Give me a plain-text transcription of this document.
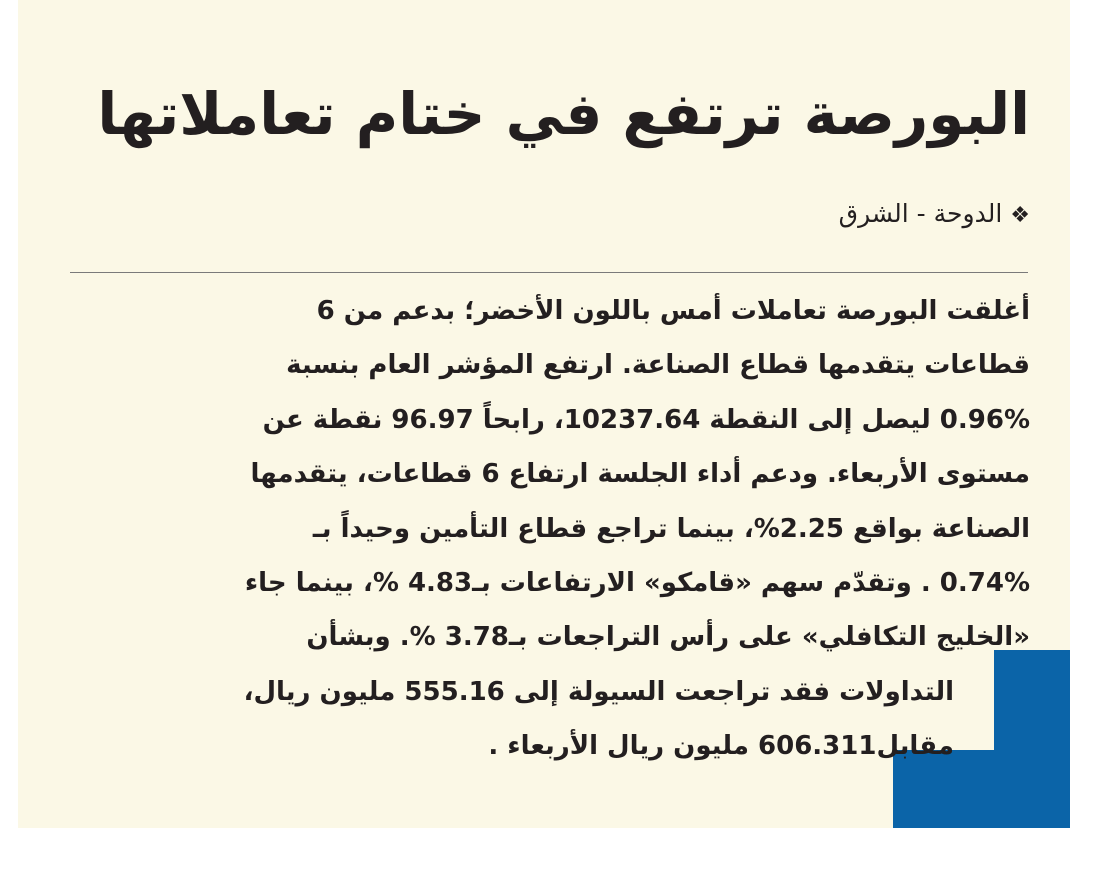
البورصة ترتفع في ختام تعاملاتها
❖الدوحة - الشرق
أغلقت البورصة تعاملات أمس باللون الأخضر؛ بدعم من 6
قطاعات يتقدمها قطاع الصناعة. ارتفع المؤشر العام بنسبة
0.96% ليصل إلى النقطة 10237.64، رابحاً 96.97 نقطة عن
مستوى الأربعاء. ودعم أداء الجلسة ارتفاع 6 قطاعات، يتقدمها
الصناعة بواقع 2.25%، بينما تراجع قطاع التأمين وحيداً بـ
0.74% . وتقدّم سهم «قامكو» الارتفاعات بـ4.83 %، بينما جاء
«الخليج التكافلي» على رأس التراجعات بـ3.78 %. وبشأن
التداولات فقد تراجعت السيولة إلى 555.16 مليون ريال،
مقابل606.311 مليون ريال الأربعاء .
